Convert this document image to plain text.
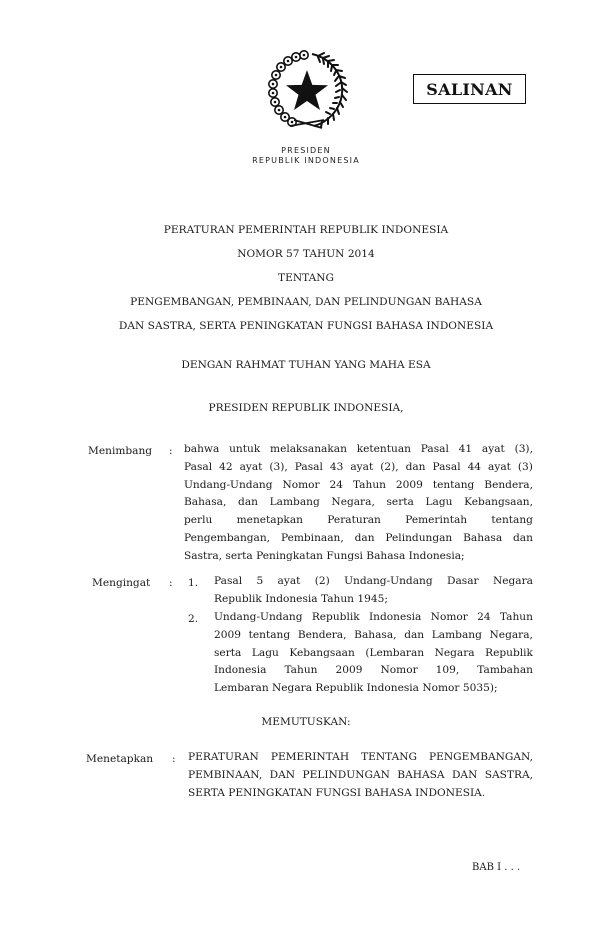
PRESIDEN
REPUBLIK INDONESIA
SALINAN
PERATURAN PEMERINTAH REPUBLIK INDONESIA
NOMOR 57 TAHUN 2014
TENTANG
PENGEMBANGAN, PEMBINAAN, DAN PELINDUNGAN BAHASA
DAN SASTRA, SERTA PENINGKATAN FUNGSI BAHASA INDONESIA
DENGAN RAHMAT TUHAN YANG MAHA ESA
PRESIDEN REPUBLIK INDONESIA,
Menimbang : bahwa untuk melaksanakan ketentuan Pasal 41 ayat (3),
Pasal 42 ayat (3), Pasal 43 ayat (2), dan Pasal 44 ayat (3)
Undang-Undang Nomor 24 Tahun 2009 tentang Bendera,
Bahasa, dan Lambang Negara, serta Lagu Kebangsaan,
perlu menetapkan Peraturan Pemerintah tentang
Pengembangan, Pembinaan, dan Pelindungan Bahasa dan
Sastra, serta Peningkatan Fungsi Bahasa Indonesia;
Mengingat : 1. Pasal 5 ayat (2) Undang-Undang Dasar Negara
Republik Indonesia Tahun 1945;
2. Undang-Undang Republik Indonesia Nomor 24 Tahun
2009 tentang Bendera, Bahasa, dan Lambang Negara,
serta Lagu Kebangsaan (Lembaran Negara Republik
Indonesia Tahun 2009 Nomor 109, Tambahan
Lembaran Negara Republik Indonesia Nomor 5035);
MEMUTUSKAN:
Menetapkan : PERATURAN PEMERINTAH TENTANG PENGEMBANGAN,
PEMBINAAN, DAN PELINDUNGAN BAHASA DAN SASTRA,
SERTA PENINGKATAN FUNGSI BAHASA INDONESIA.
BAB I . . .
